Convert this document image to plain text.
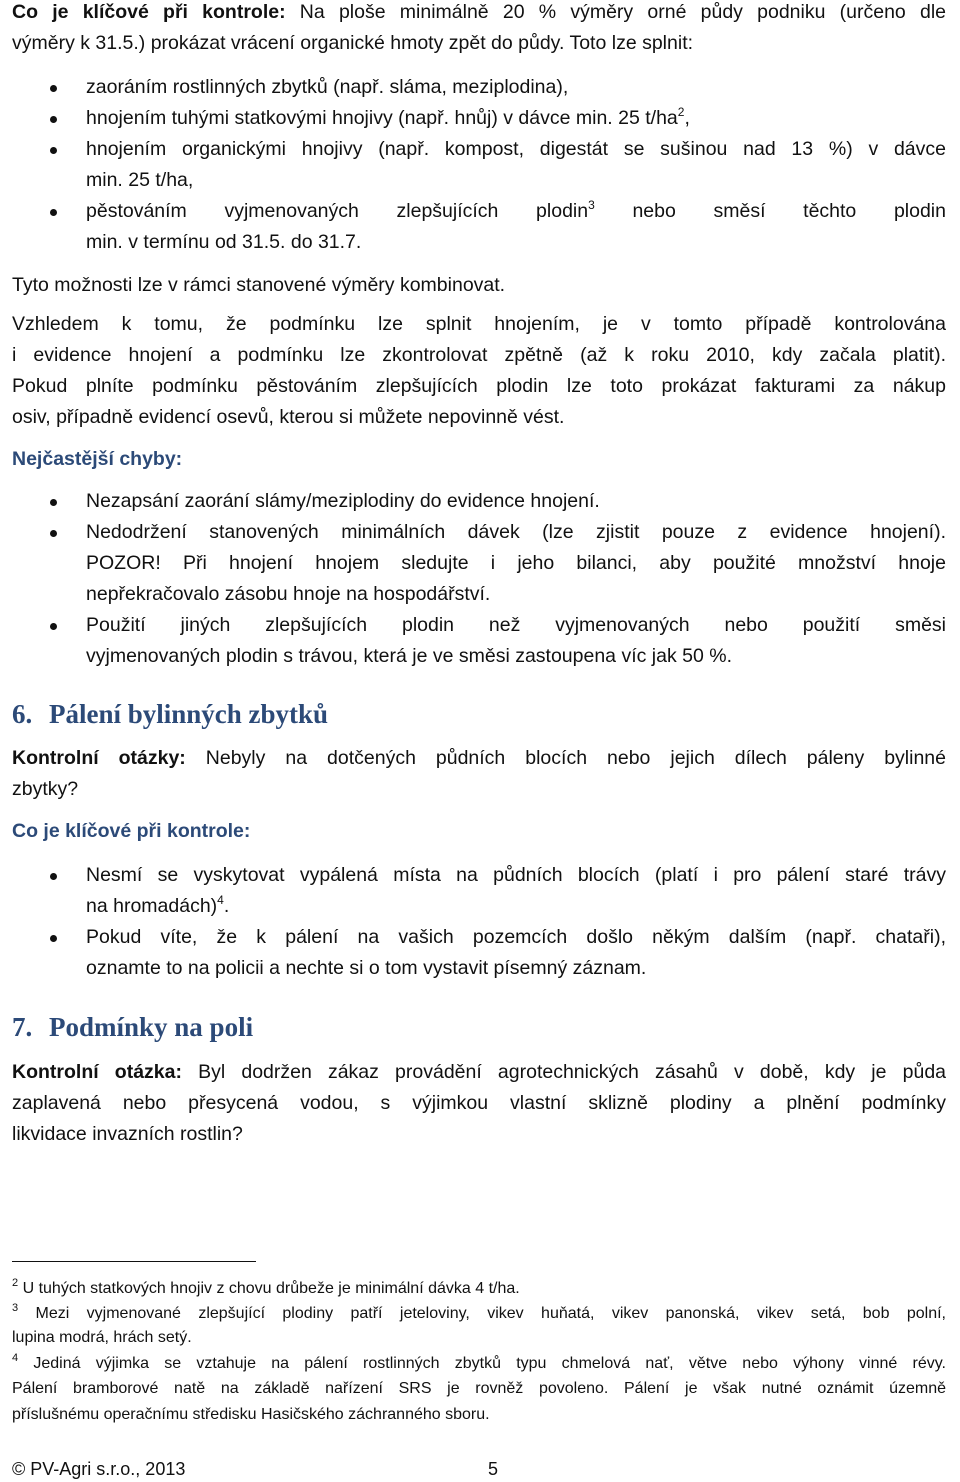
Co je klíčové při kontrole: Na ploše minimálně 20 % výměry orné půdy podniku (určeno dle

výměry k 31.5.) prokázat vrácení organické hmoty zpět do půdy. Toto lze splnit:

zaoráním rostlinných zbytků (např. sláma, meziplodina),
hnojením tuhými statkovými hnojivy (např. hnůj) v dávce min. 25 $t/ha^2$,
hnojením organickými hnojivy (např. kompost, digestát se sušinou nad 13 %) v dávce
min. 25 t/ha,
pěstováním vyjmenovaných zlepšujících plodin$^3$ nebo směsí těchto plodin
min. v termínu od 31.5. do 31.7.

Tyto možnosti lze v rámci stanovené výměry kombinovat.

Vzhledem k tomu, že podmínku lze splnit hnojením, je v tomto případě kontrolována

i evidence hnojení a podmínku lze zkontrolovat zpětně (až k roku 2010, kdy začala platit).

Pokud plníte podmínku pěstováním zlepšujících plodin lze toto prokázat fakturami za nákup

osiv, případně evidencí osevů, kterou si můžete nepovinně vést.

Nejčastější chyby:

Nezapsání zaorání slámy/meziplodiny do evidence hnojení.
Nedodržení stanovených minimálních dávek (lze zjistit pouze z evidence hnojení).
POZOR! Při hnojení hnojem sledujte i jeho bilanci, aby použité množství hnoje
nepřekračovalo zásobu hnoje na hospodářství.
Použití jiných zlepšujících plodin než vyjmenovaných nebo použití směsi
vyjmenovaných plodin s trávou, která je ve směsi zastoupena víc jak 50 %.
6. Pálení bylinných zbytků

Kontrolní otázky: Nebyly na dotčených půdních blocích nebo jejich dílech páleny bylinné

zbytky?

Co je klíčové při kontrole:

Nesmí se vyskytovat vypálená místa na půdních blocích (platí i pro pálení staré trávy
na hromadách)$^4$.
Pokud víte, že k pálení na vašich pozemcích došlo někým dalším (např. chataři),
oznamte to na policii a nechte si o tom vystavit písemný záznam.
7. Podmínky na poli

Kontrolní otázka: Byl dodržen zákaz provádění agrotechnických zásahů v době, kdy je půda

zaplavená nebo přesycená vodou, s výjimkou vlastní sklizně plodiny a plnění podmínky

likvidace invazních rostlin?

$^2$ U tuhých statkových hnojiv z chovu drůbeže je minimální dávka 4 t/ha.

$^3$ Mezi vyjmenované zlepšující plodiny patří jeteloviny, vikev huňatá, vikev panonská, vikev setá, bob polní,

lupina modrá, hrách setý.

$^4$ Jediná výjimka se vztahuje na pálení rostlinných zbytků typu chmelová nať, větve nebo výhony vinné révy.

Pálení bramborové natě na základě nařízení SRS je rovněž povoleno. Pálení je však nutné oznámit územně

příslušnému operačnímu středisku Hasičského záchranného sboru.

© PV-Agri s.r.o., 2013	5
